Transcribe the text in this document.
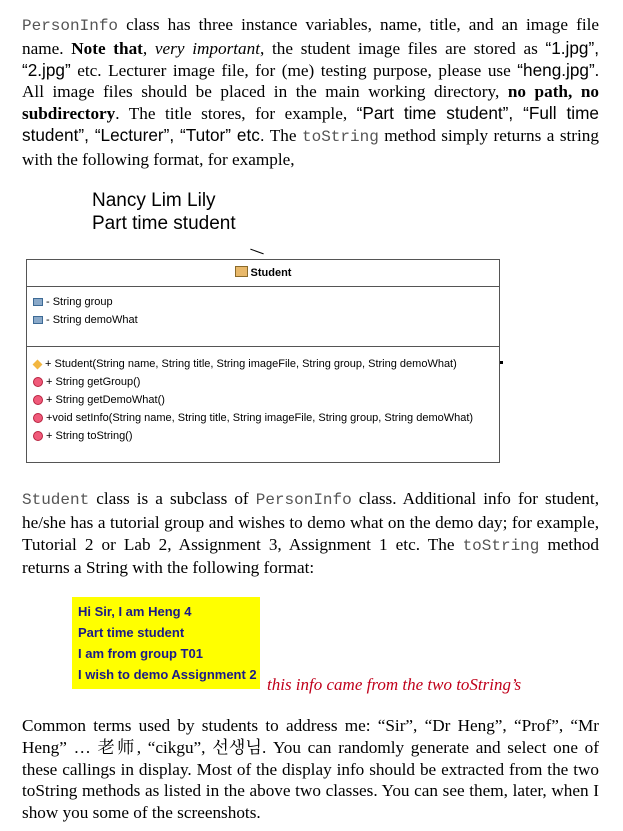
PersonInfo class has three instance variables, name, title, and an image file name. Note that, very important, the student image files are stored as “1.jpg”, “2.jpg” etc. Lecturer image file, for (me) testing purpose, please use “heng.jpg”. All image files should be placed in the main working directory, no path, no subdirectory. The title stores, for example, “Part time student”, “Full time student”, “Lecturer”, “Tutor” etc. The toString method simply returns a string with the following format, for example,

Nancy Lim Lily
Part time student
Student
- String group
- String demoWhat
+ Student(String name, String title, String imageFile, String group, String demoWhat)
+ String getGroup()
+ String getDemoWhat()
+void setInfo(String name, String title, String imageFile, String group, String demoWhat)
+ String toString()

Student class is a subclass of PersonInfo class. Additional info for student, he/she has a tutorial group and wishes to demo what on the demo day; for example, Tutorial 2 or Lab 2, Assignment 3, Assignment 1 etc. The toString method returns a String with the following format:

Hi Sir, I am Heng 4
Part time student
I am from group T01
I wish to demo Assignment 2
this info came from the two toString’s

Common terms used by students to address me: “Sir”, “Dr Heng”, “Prof”, “Mr Heng” … 老师, “cikgu”, 선생님. You can randomly generate and select one of these callings in display. Most of the display info should be extracted from the two toString methods as listed in the above two classes. You can see them, later, when I show you some of the screenshots.
